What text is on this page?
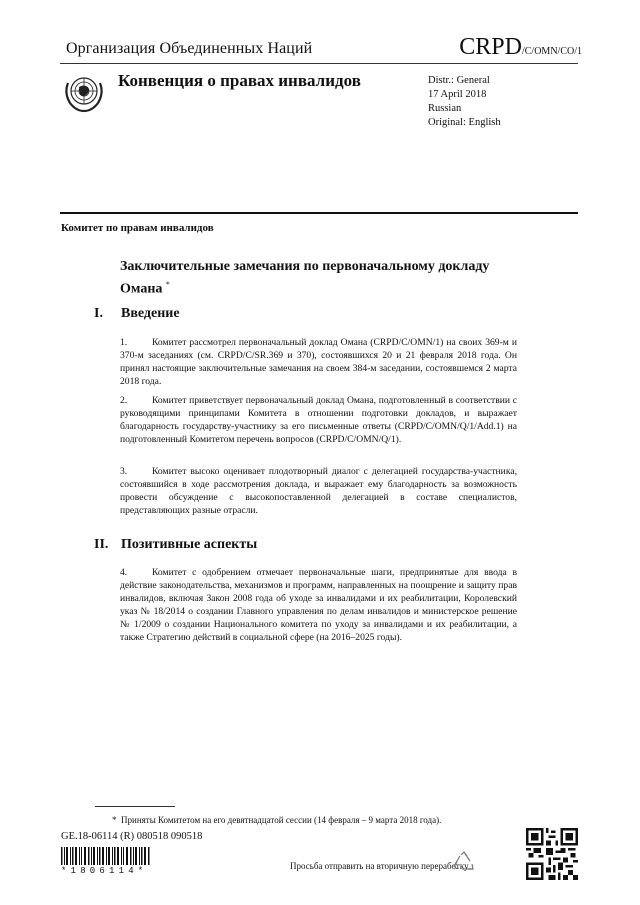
Организация Объединенных Наций	CRPD/C/OMN/CO/1
Конвенция о правах инвалидов	Distr.: General
17 April 2018
Russian
Original: English
Комитет по правам инвалидов
Заключительные замечания по первоначальному докладу Омана *
I. Введение
1.	Комитет рассмотрел первоначальный доклад Омана (CRPD/C/OMN/1) на своих 369-м и 370-м заседаниях (см. CRPD/C/SR.369 и 370), состоявшихся 20 и 21 февраля 2018 года. Он принял настоящие заключительные замечания на своем 384-м заседании, состоявшемся 2 марта 2018 года.
2.	Комитет приветствует первоначальный доклад Омана, подготовленный в соответствии с руководящими принципами Комитета в отношении подготовки докладов, и выражает благодарность государству-участнику за его письменные ответы (CRPD/C/OMN/Q/1/Add.1) на подготовленный Комитетом перечень вопросов (CRPD/C/OMN/Q/1).
3.	Комитет высоко оценивает плодотворный диалог с делегацией государства-участника, состоявшийся в ходе рассмотрения доклада, и выражает ему благодарность за возможность провести обсуждение с высокопоставленной делегацией в составе специалистов, представляющих разные отрасли.
II. Позитивные аспекты
4.	Комитет с одобрением отмечает первоначальные шаги, предпринятые для ввода в действие законодательства, механизмов и программ, направленных на поощрение и защиту прав инвалидов, включая Закон 2008 года об уходе за инвалидами и их реабилитации, Королевский указ № 18/2014 о создании Главного управления по делам инвалидов и министерское решение № 1/2009 о создании Национального комитета по уходу за инвалидами и их реабилитации, а также Стратегию действий в социальной сфере (на 2016–2025 годы).
* Приняты Комитетом на его девятнадцатой сессии (14 февраля – 9 марта 2018 года).
GE.18-06114 (R) 080518 090518
*1806114*	Просьба отправить на вторичную переработку
